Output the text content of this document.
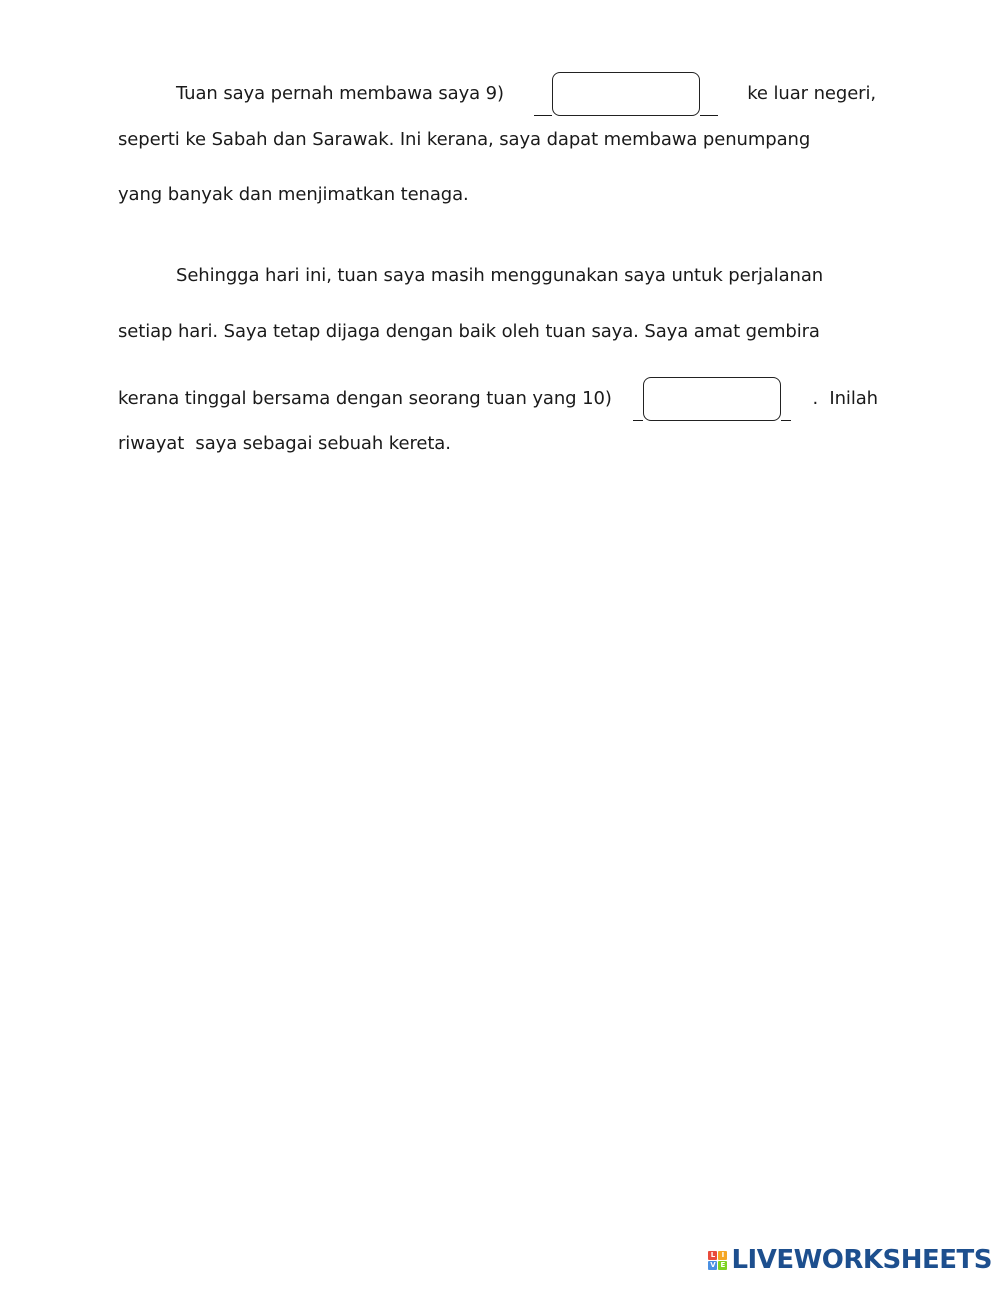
Tuan saya pernah membawa saya 9)	ke luar negeri,
seperti ke Sabah dan Sarawak. Ini kerana, saya dapat membawa penumpang
yang banyak dan menjimatkan tenaga.
Sehingga hari ini, tuan saya masih menggunakan saya untuk perjalanan
setiap hari. Saya tetap dijaga dengan baik oleh tuan saya. Saya amat gembira
kerana tinggal bersama dengan seorang tuan yang 10)	.  Inilah
riwayat  saya sebagai sebuah kereta.
L I
V E LIVEWORKSHEETS
